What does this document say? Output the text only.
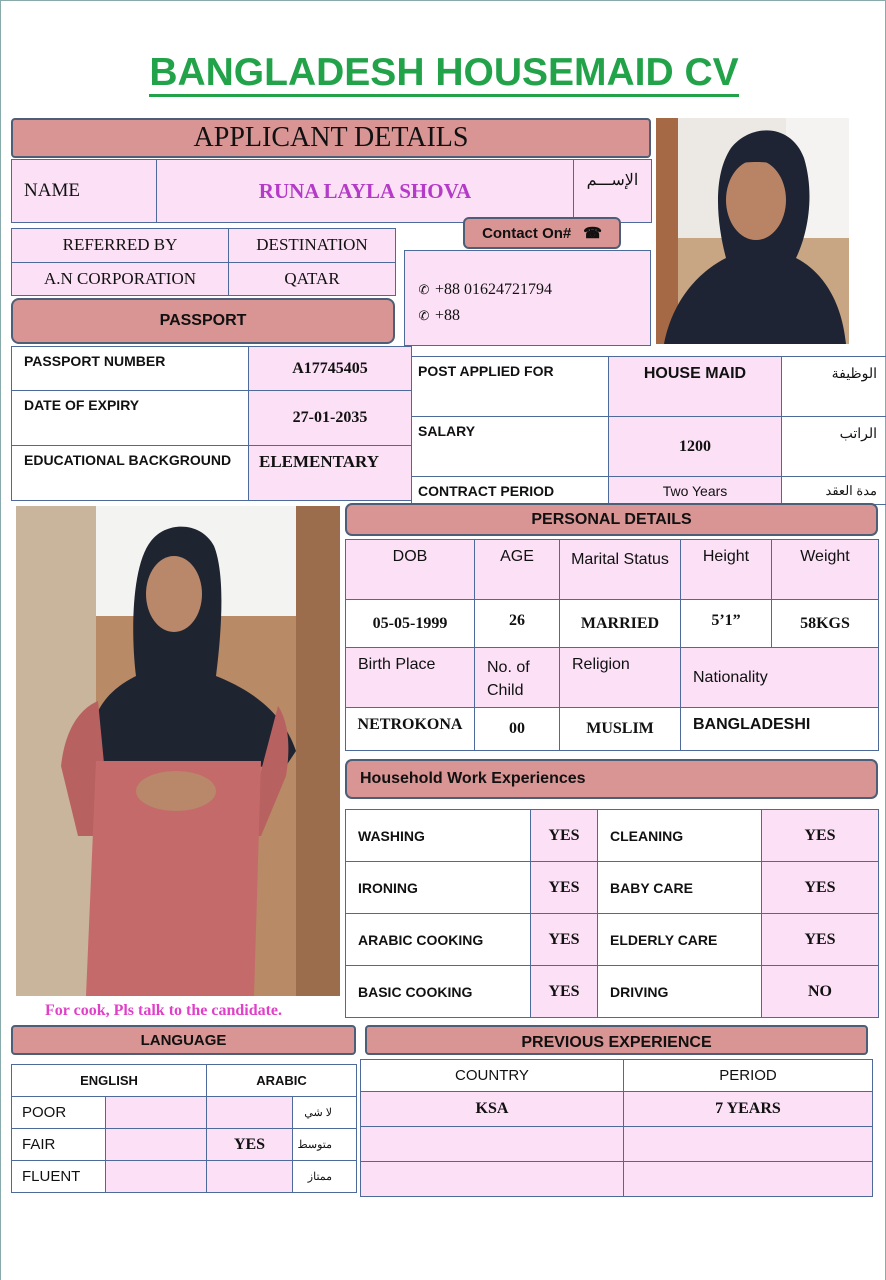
BANGLADESH HOUSEMAID CV
APPLICANT DETAILS
NAME	RUNA LAYLA SHOVA	الإســـم
REFERRED BY	DESTINATION
A.N CORPORATION	QATAR
Contact On# ☎
✆ +88 01624721794
✆ +88
PASSPORT
PASSPORT NUMBER	A17745405
DATE OF EXPIRY	27-01-2035
EDUCATIONAL BACKGROUND	ELEMENTARY
POST APPLIED FOR	HOUSE MAID	الوظيفة
SALARY	1200	الراتب
CONTRACT PERIOD	Two Years	مدة العقد
PERSONAL DETAILS
DOB	AGE	Marital Status	Height	Weight
05-05-1999	26	MARRIED	5’1”	58KGS
Birth Place	No. of Child	Religion	Nationality	
NETROKONA	00	MUSLIM	BANGLADESHI	
Household Work Experiences
WASHING	YES	CLEANING	YES
IRONING	YES	BABY CARE	YES
ARABIC COOKING	YES	ELDERLY CARE	YES
BASIC COOKING	YES	DRIVING	NO
For cook, Pls talk to the candidate.
LANGUAGE
ENGLISH		ARABIC	
POOR			لا شي
FAIR		YES	متوسط
FLUENT			ممتاز
PREVIOUS EXPERIENCE
COUNTRY	PERIOD
KSA	7 YEARS
